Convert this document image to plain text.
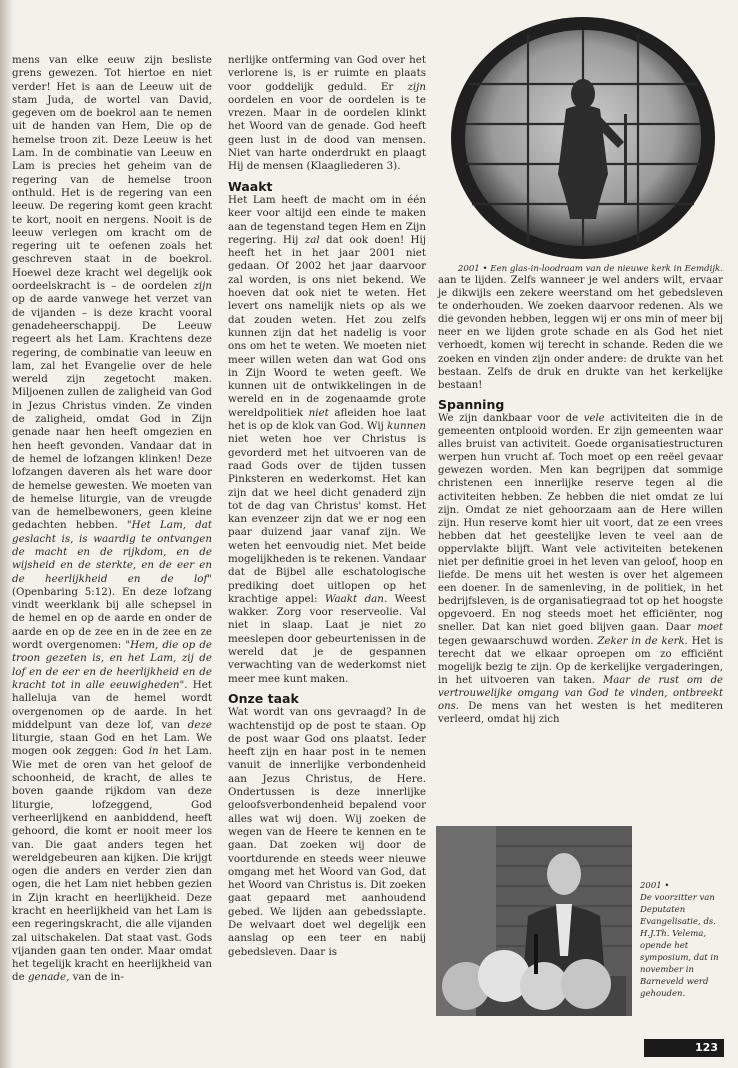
mens van elke eeuw zijn besliste grens gewezen. Tot hiertoe en niet verder! Het is aan de Leeuw uit de stam Juda, de wortel van David, gegeven om de boekrol aan te nemen uit de handen van Hem, Die op de hemelse troon zit. Deze Leeuw is het Lam. In de combinatie van Leeuw en Lam is precies het geheim van de regering van de hemelse troon onthuld. Het is de regering van een leeuw. De regering komt geen kracht te kort, nooit en nergens. Nooit is de leeuw verlegen om kracht om de regering uit te oefenen zoals het geschreven staat in de boekrol. Hoewel deze kracht wel degelijk ook oordeelskracht is – de oordelen zijn op de aarde vanwege het verzet van de vijanden – is deze kracht vooral genadeheerschappij. De Leeuw regeert als het Lam. Krachtens deze regering, de combinatie van leeuw en lam, zal het Evangelie over de hele wereld zijn zegetocht maken. Miljoenen zullen de zaligheid van God in Jezus Christus vinden. Ze vinden de zaligheid, omdat God in Zijn genade naar hen heeft omgezien en hen heeft gevonden. Vandaar dat in de hemel de lofzangen klinken! Deze lofzangen daveren als het ware door de hemelse gewesten. We moeten van de hemelse liturgie, van de vreugde van de hemelbewoners, geen kleine gedachten hebben. "Het Lam, dat geslacht is, is waardig te ontvangen de macht en de rijkdom, en de wijsheid en de sterkte, en de eer en de heerlijkheid en de lof" (Openbaring 5:12). En deze lofzang vindt weerklank bij alle schepsel in de hemel en op de aarde en onder de aarde en op de zee en in de zee en ze wordt overgenomen: "Hem, die op de troon gezeten is, en het Lam, zij de lof en de eer en de heerlijkheid en de kracht tot in alle eeuwigheden". Het halleluja van de hemel wordt overgenomen op de aarde. In het middelpunt van deze lof, van deze liturgie, staan God en het Lam. We mogen ook zeggen: God in het Lam. Wie met de oren van het geloof de schoonheid, de kracht, de alles te boven gaande rijkdom van deze liturgie, lofzeggend, God verheerlijkend en aanbiddend, heeft gehoord, die komt er nooit meer los van. Die gaat anders tegen het wereldgebeuren aan kijken. Die krijgt ogen die anders en verder zien dan ogen, die het Lam niet hebben gezien in Zijn kracht en heerlijkheid. Deze kracht en heerlijkheid van het Lam is een regeringskracht, die alle vijanden zal uitschakelen. Dat staat vast. Gods vijanden gaan ten onder. Maar omdat het tegelijk kracht en heerlijkheid van de genade, van de in-

nerlijke ontferming van God over het verlorene is, is er ruimte en plaats voor goddelijk geduld. Er zijn oordelen en voor de oordelen is te vrezen. Maar in de oordelen klinkt het Woord van de genade. God heeft geen lust in de dood van mensen. Niet van harte onderdrukt en plaagt Hij de mensen (Klaagliederen 3).

Waakt

Het Lam heeft de macht om in één keer voor altijd een einde te maken aan de tegenstand tegen Hem en Zijn regering. Hij zal dat ook doen! Hij heeft het in het jaar 2001 niet gedaan. Of 2002 het jaar daarvoor zal worden, is ons niet bekend. We hoeven dat ook niet te weten. Het levert ons namelijk niets op als we dat zouden weten. Het zou zelfs kunnen zijn dat het nadelig is voor ons om het te weten. We moeten niet meer willen weten dan wat God ons in Zijn Woord te weten geeft. We kunnen uit de ontwikkelingen in de wereld en in de zogenaamde grote wereldpolitiek niet afleiden hoe laat het is op de klok van God. Wij kunnen niet weten hoe ver Christus is gevorderd met het uitvoeren van de raad Gods over de tijden tussen Pinksteren en wederkomst. Het kan zijn dat we heel dicht genaderd zijn tot de dag van Christus' komst. Het kan evenzeer zijn dat we er nog een paar duizend jaar vanaf zijn. We weten het eenvoudig niet. Met beide mogelijkheden is te rekenen. Vandaar dat de Bijbel alle eschatologische prediking doet uitlopen op het krachtige appel: Waakt dan. Weest wakker. Zorg voor reserveolie. Val niet in slaap. Laat je niet zo meeslepen door gebeurtenissen in de wereld dat je de gespannen verwachting van de wederkomst niet meer mee kunt maken.

Onze taak

Wat wordt van ons gevraagd? In de wachtenstijd op de post te staan. Op de post waar God ons plaatst. Ieder heeft zijn en haar post in te nemen vanuit de innerlijke verbondenheid aan Jezus Christus, de Here. Ondertussen is deze innerlijke geloofsverbondenheid bepalend voor alles wat wij doen. Wij zoeken de wegen van de Heere te kennen en te gaan. Dat zoeken wij door de voortdurende en steeds weer nieuwe omgang met het Woord van God, dat het Woord van Christus is. Dit zoeken gaat gepaard met aanhoudend gebed. We lijden aan gebedsslapte. De welvaart doet wel degelijk een aanslag op een teer en nabij gebedsleven. Daar is

2001 • Een glas-in-loodraam van de nieuwe kerk in Eemdijk.

aan te lijden. Zelfs wanneer je wel anders wilt, ervaar je dikwijls een zekere weerstand om het gebedsleven te onderhouden. We zoeken daarvoor redenen. Als we die gevonden hebben, leggen wij er ons min of meer bij neer en we lijden grote schade en als God het niet verhoedt, komen wij terecht in schande. Reden die we zoeken en vinden zijn onder andere: de drukte van het bestaan. Zelfs de druk en drukte van het kerkelijke bestaan!

Spanning

We zijn dankbaar voor de vele activiteiten die in de gemeenten ontplooid worden. Er zijn gemeenten waar alles bruist van activiteit. Goede organisatiestructuren werpen hun vrucht af. Toch moet op een reëel gevaar gewezen worden. Men kan begrijpen dat sommige christenen een innerlijke reserve tegen al die activiteiten hebben. Ze hebben die niet omdat ze lui zijn. Omdat ze niet gehoorzaam aan de Here willen zijn. Hun reserve komt hier uit voort, dat ze een vrees hebben dat het geestelijke leven te veel aan de oppervlakte blijft. Want vele activiteiten betekenen niet per definitie groei in het leven van geloof, hoop en liefde. De mens uit het westen is over het algemeen een doener. In de samenleving, in de politiek, in het bedrijfsleven, is de organisatiegraad tot op het hoogste opgevoerd. En nog steeds moet het efficiënter, nog sneller. Dat kan niet goed blijven gaan. Daar moet tegen gewaarschuwd worden. Zeker in de kerk. Het is terecht dat we elkaar oproepen om zo efficiënt mogelijk bezig te zijn. Op de kerkelijke vergaderingen, in het uitvoeren van taken. Maar de rust om de vertrouwelijke omgang van God te vinden, ontbreekt ons. De mens van het westen is het mediteren verleerd, omdat hij zich

2001 •
De voorzitter van Deputaten Evangelisatie, ds. H.J.Th. Velema, opende het symposium, dat in november in Barneveld werd gehouden.
123
